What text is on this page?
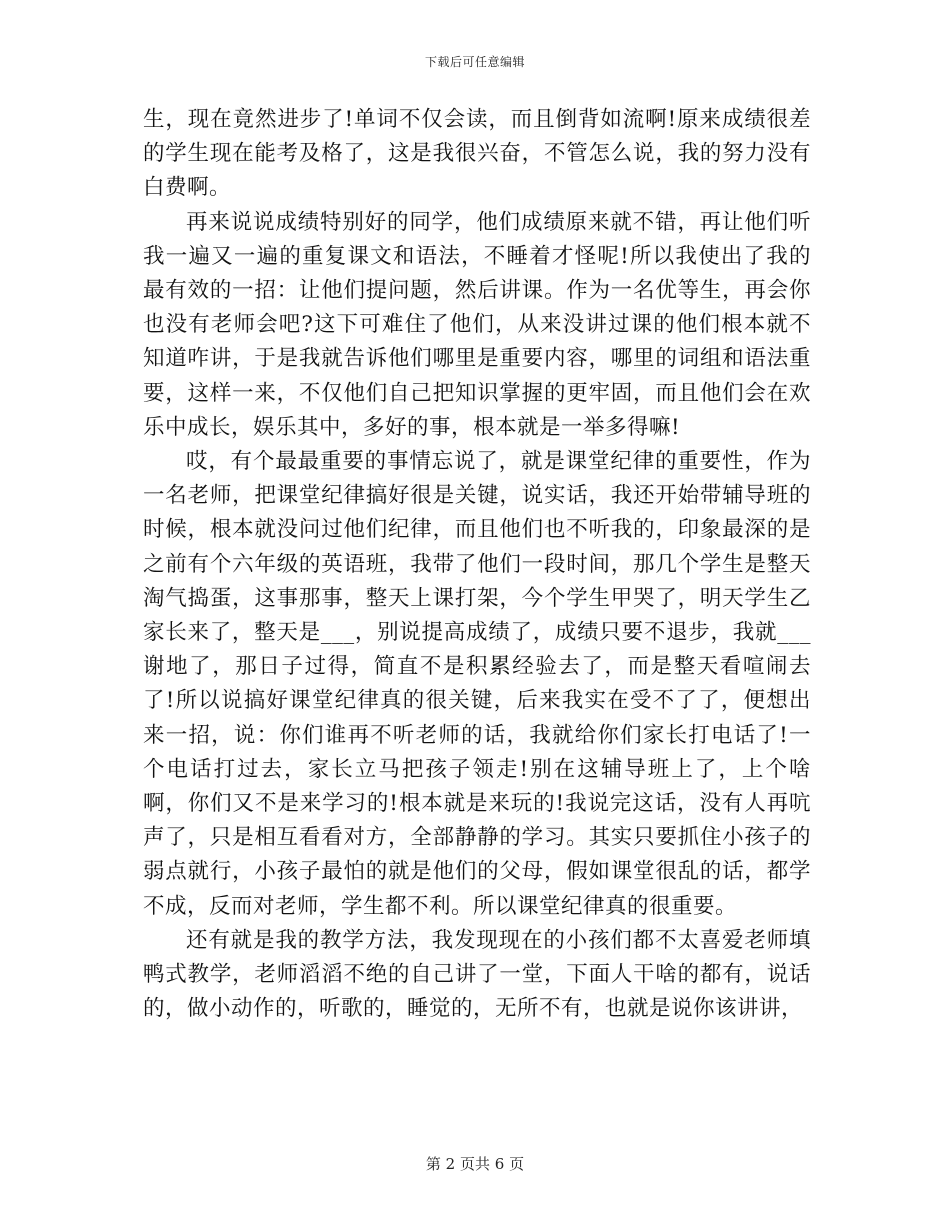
下载后可任意编辑

生，现在竟然进步了!单词不仅会读，而且倒背如流啊!原来成绩很差的学生现在能考及格了，这是我很兴奋，不管怎么说，我的努力没有白费啊。

再来说说成绩特别好的同学，他们成绩原来就不错，再让他们听我一遍又一遍的重复课文和语法，不睡着才怪呢!所以我使出了我的最有效的一招：让他们提问题，然后讲课。作为一名优等生，再会你也没有老师会吧?这下可难住了他们，从来没讲过课的他们根本就不知道咋讲，于是我就告诉他们哪里是重要内容，哪里的词组和语法重要，这样一来，不仅他们自己把知识掌握的更牢固，而且他们会在欢乐中成长，娱乐其中，多好的事，根本就是一举多得嘛!

哎，有个最最重要的事情忘说了，就是课堂纪律的重要性，作为一名老师，把课堂纪律搞好很是关键，说实话，我还开始带辅导班的时候，根本就没问过他们纪律，而且他们也不听我的，印象最深的是之前有个六年级的英语班，我带了他们一段时间，那几个学生是整天淘气捣蛋，这事那事，整天上课打架，今个学生甲哭了，明天学生乙家长来了，整天是___，别说提高成绩了，成绩只要不退步，我就___谢地了，那日子过得，简直不是积累经验去了，而是整天看喧闹去了!所以说搞好课堂纪律真的很关键，后来我实在受不了了，便想出来一招，说：你们谁再不听老师的话，我就给你们家长打电话了!一个电话打过去，家长立马把孩子领走!别在这辅导班上了，上个啥啊，你们又不是来学习的!根本就是来玩的!我说完这话，没有人再吭声了，只是相互看看对方，全部静静的学习。其实只要抓住小孩子的弱点就行，小孩子最怕的就是他们的父母，假如课堂很乱的话，都学不成，反而对老师，学生都不利。所以课堂纪律真的很重要。

还有就是我的教学方法，我发现现在的小孩们都不太喜爱老师填鸭式教学，老师滔滔不绝的自己讲了一堂，下面人干啥的都有，说话的，做小动作的，听歌的，睡觉的，无所不有，也就是说你该讲讲，

第 2 页共 6 页
